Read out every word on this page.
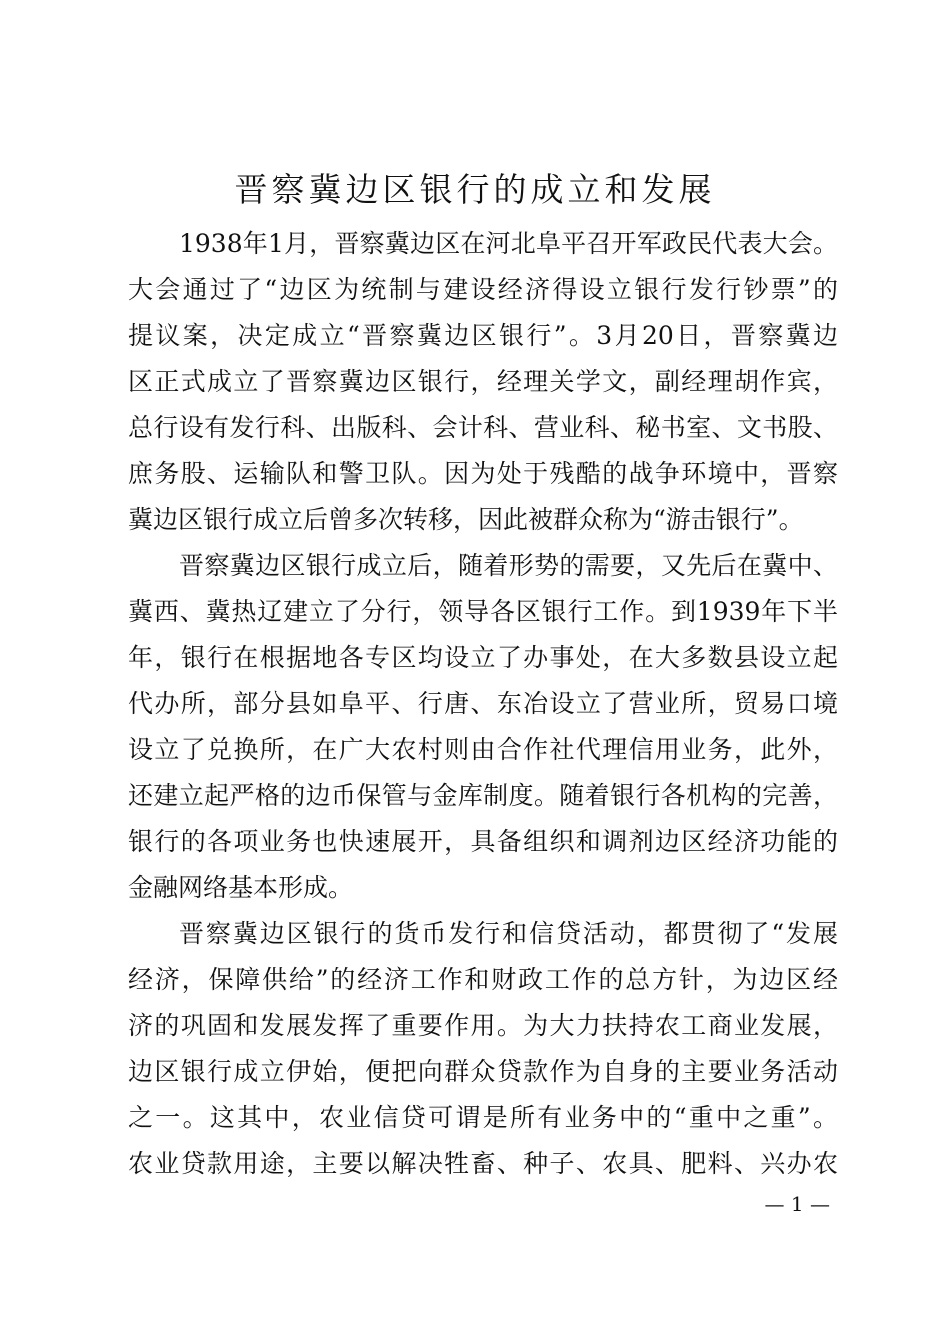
晋察冀边区银行的成立和发展
1938年1月，晋察冀边区在河北阜平召开军政民代表大会。
大会通过了“边区为统制与建设经济得设立银行发行钞票”的
提议案，决定成立“晋察冀边区银行”。3月20日，晋察冀边
区正式成立了晋察冀边区银行，经理关学文，副经理胡作宾，
总行设有发行科、出版科、会计科、营业科、秘书室、文书股、
庶务股、运输队和警卫队。因为处于残酷的战争环境中，晋察
冀边区银行成立后曾多次转移，因此被群众称为“游击银行”。
晋察冀边区银行成立后，随着形势的需要，又先后在冀中、
冀西、冀热辽建立了分行，领导各区银行工作。到1939年下半
年，银行在根据地各专区均设立了办事处，在大多数县设立起
代办所，部分县如阜平、行唐、东冶设立了营业所，贸易口境
设立了兑换所，在广大农村则由合作社代理信用业务，此外，
还建立起严格的边币保管与金库制度。随着银行各机构的完善，
银行的各项业务也快速展开，具备组织和调剂边区经济功能的
金融网络基本形成。
晋察冀边区银行的货币发行和信贷活动，都贯彻了“发展
经济，保障供给”的经济工作和财政工作的总方针，为边区经
济的巩固和发展发挥了重要作用。为大力扶持农工商业发展，
边区银行成立伊始，便把向群众贷款作为自身的主要业务活动
之一。这其中，农业信贷可谓是所有业务中的“重中之重”。
农业贷款用途，主要以解决牲畜、种子、农具、肥料、兴办农
— 1 —
